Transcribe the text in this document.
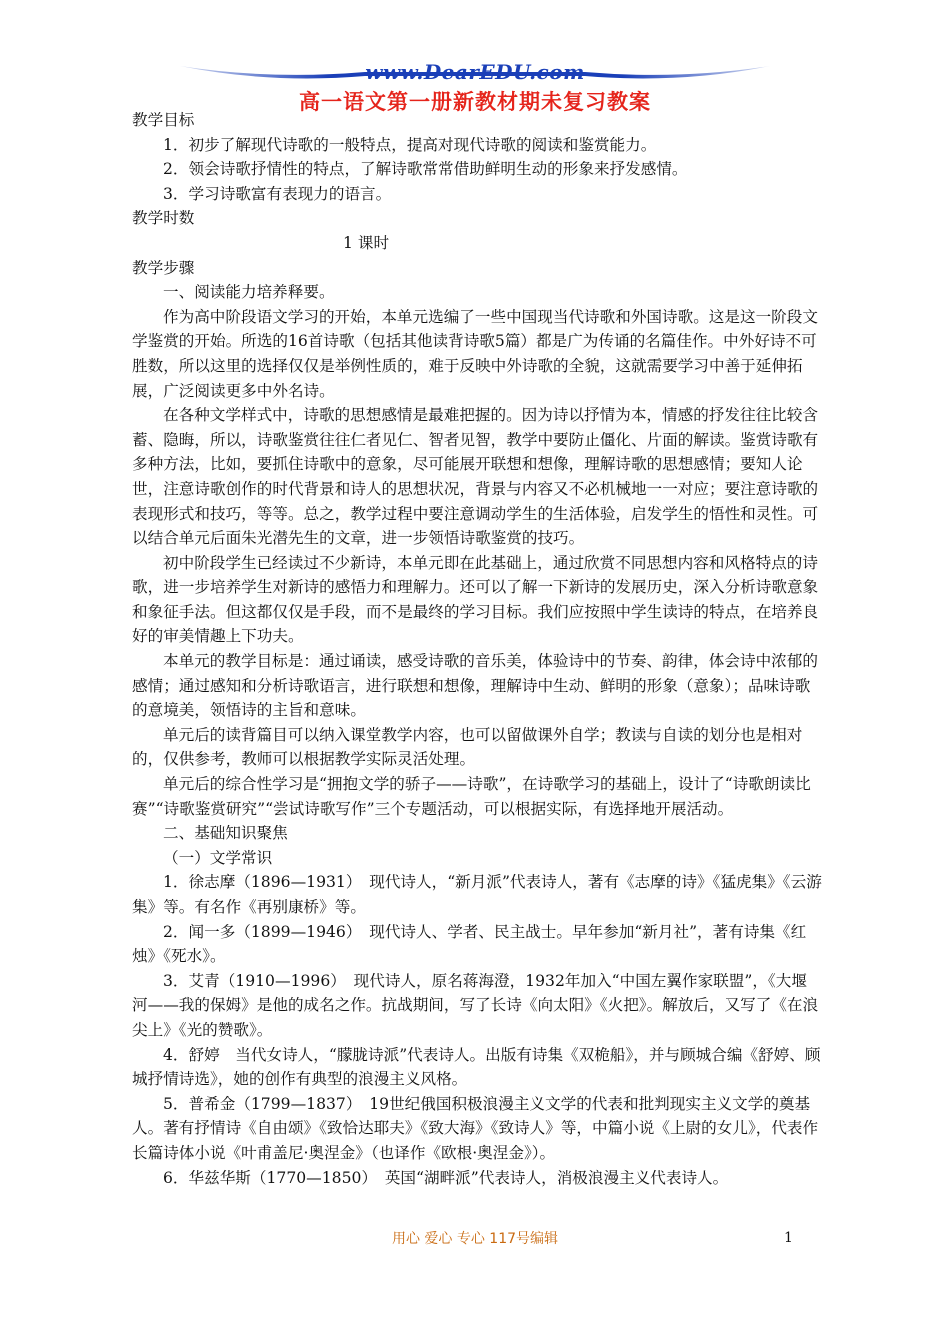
www.DearEDU.com
高一语文第一册新教材期未复习教案

教学目标

1．初步了解现代诗歌的一般特点，提高对现代诗歌的阅读和鉴赏能力。

2．领会诗歌抒情性的特点，了解诗歌常常借助鲜明生动的形象来抒发感情。

3．学习诗歌富有表现力的语言。

教学时数

1 课时

教学步骤

一、阅读能力培养释要。

作为高中阶段语文学习的开始，本单元选编了一些中国现当代诗歌和外国诗歌。这是这一阶段文学鉴赏的开始。所选的16首诗歌（包括其他读背诗歌5篇）都是广为传诵的名篇佳作。中外好诗不可胜数，所以这里的选择仅仅是举例性质的，难于反映中外诗歌的全貌，这就需要学习中善于延伸拓展，广泛阅读更多中外名诗。

在各种文学样式中，诗歌的思想感情是最难把握的。因为诗以抒情为本，情感的抒发往往比较含蓄、隐晦，所以，诗歌鉴赏往往仁者见仁、智者见智，教学中要防止僵化、片面的解读。鉴赏诗歌有多种方法，比如，要抓住诗歌中的意象，尽可能展开联想和想像，理解诗歌的思想感情；要知人论世，注意诗歌创作的时代背景和诗人的思想状况，背景与内容又不必机械地一一对应；要注意诗歌的表现形式和技巧，等等。总之，教学过程中要注意调动学生的生活体验，启发学生的悟性和灵性。可以结合单元后面朱光潜先生的文章，进一步领悟诗歌鉴赏的技巧。

初中阶段学生已经读过不少新诗，本单元即在此基础上，通过欣赏不同思想内容和风格特点的诗歌，进一步培养学生对新诗的感悟力和理解力。还可以了解一下新诗的发展历史，深入分析诗歌意象和象征手法。但这都仅仅是手段，而不是最终的学习目标。我们应按照中学生读诗的特点，在培养良好的审美情趣上下功夫。

本单元的教学目标是：通过诵读，感受诗歌的音乐美，体验诗中的节奏、韵律，体会诗中浓郁的感情；通过感知和分析诗歌语言，进行联想和想像，理解诗中生动、鲜明的形象（意象）；品味诗歌的意境美，领悟诗的主旨和意味。

单元后的读背篇目可以纳入课堂教学内容，也可以留做课外自学；教读与自读的划分也是相对的，仅供参考，教师可以根据教学实际灵活处理。

单元后的综合性学习是“拥抱文学的骄子——诗歌”，在诗歌学习的基础上，设计了“诗歌朗读比赛”“诗歌鉴赏研究”“尝试诗歌写作”三个专题活动，可以根据实际，有选择地开展活动。

二、基础知识聚焦

（一）文学常识

1．徐志摩（1896—1931）　现代诗人，“新月派”代表诗人，著有《志摩的诗》《猛虎集》《云游集》等。有名作《再别康桥》等。

2．闻一多（1899—1946）　现代诗人、学者、民主战士。早年参加“新月社”，著有诗集《红烛》《死水》。

3．艾青（1910—1996）　现代诗人，原名蒋海澄，1932年加入“中国左翼作家联盟”，《大堰河——我的保姆》是他的成名之作。抗战期间，写了长诗《向太阳》《火把》。解放后，又写了《在浪尖上》《光的赞歌》。

4．舒婷　当代女诗人，“朦胧诗派”代表诗人。出版有诗集《双桅船》，并与顾城合编《舒婷、顾城抒情诗选》，她的创作有典型的浪漫主义风格。

5．普希金（1799—1837）　19世纪俄国积极浪漫主义文学的代表和批判现实主义文学的奠基人。著有抒情诗《自由颂》《致恰达耶夫》《致大海》《致诗人》等，中篇小说《上尉的女儿》，代表作长篇诗体小说《叶甫盖尼·奥涅金》（也译作《欧根·奥涅金》）。

6．华兹华斯（1770—1850）　英国“湖畔派”代表诗人，消极浪漫主义代表诗人。

用心 爱心 专心 117号编辑	1
